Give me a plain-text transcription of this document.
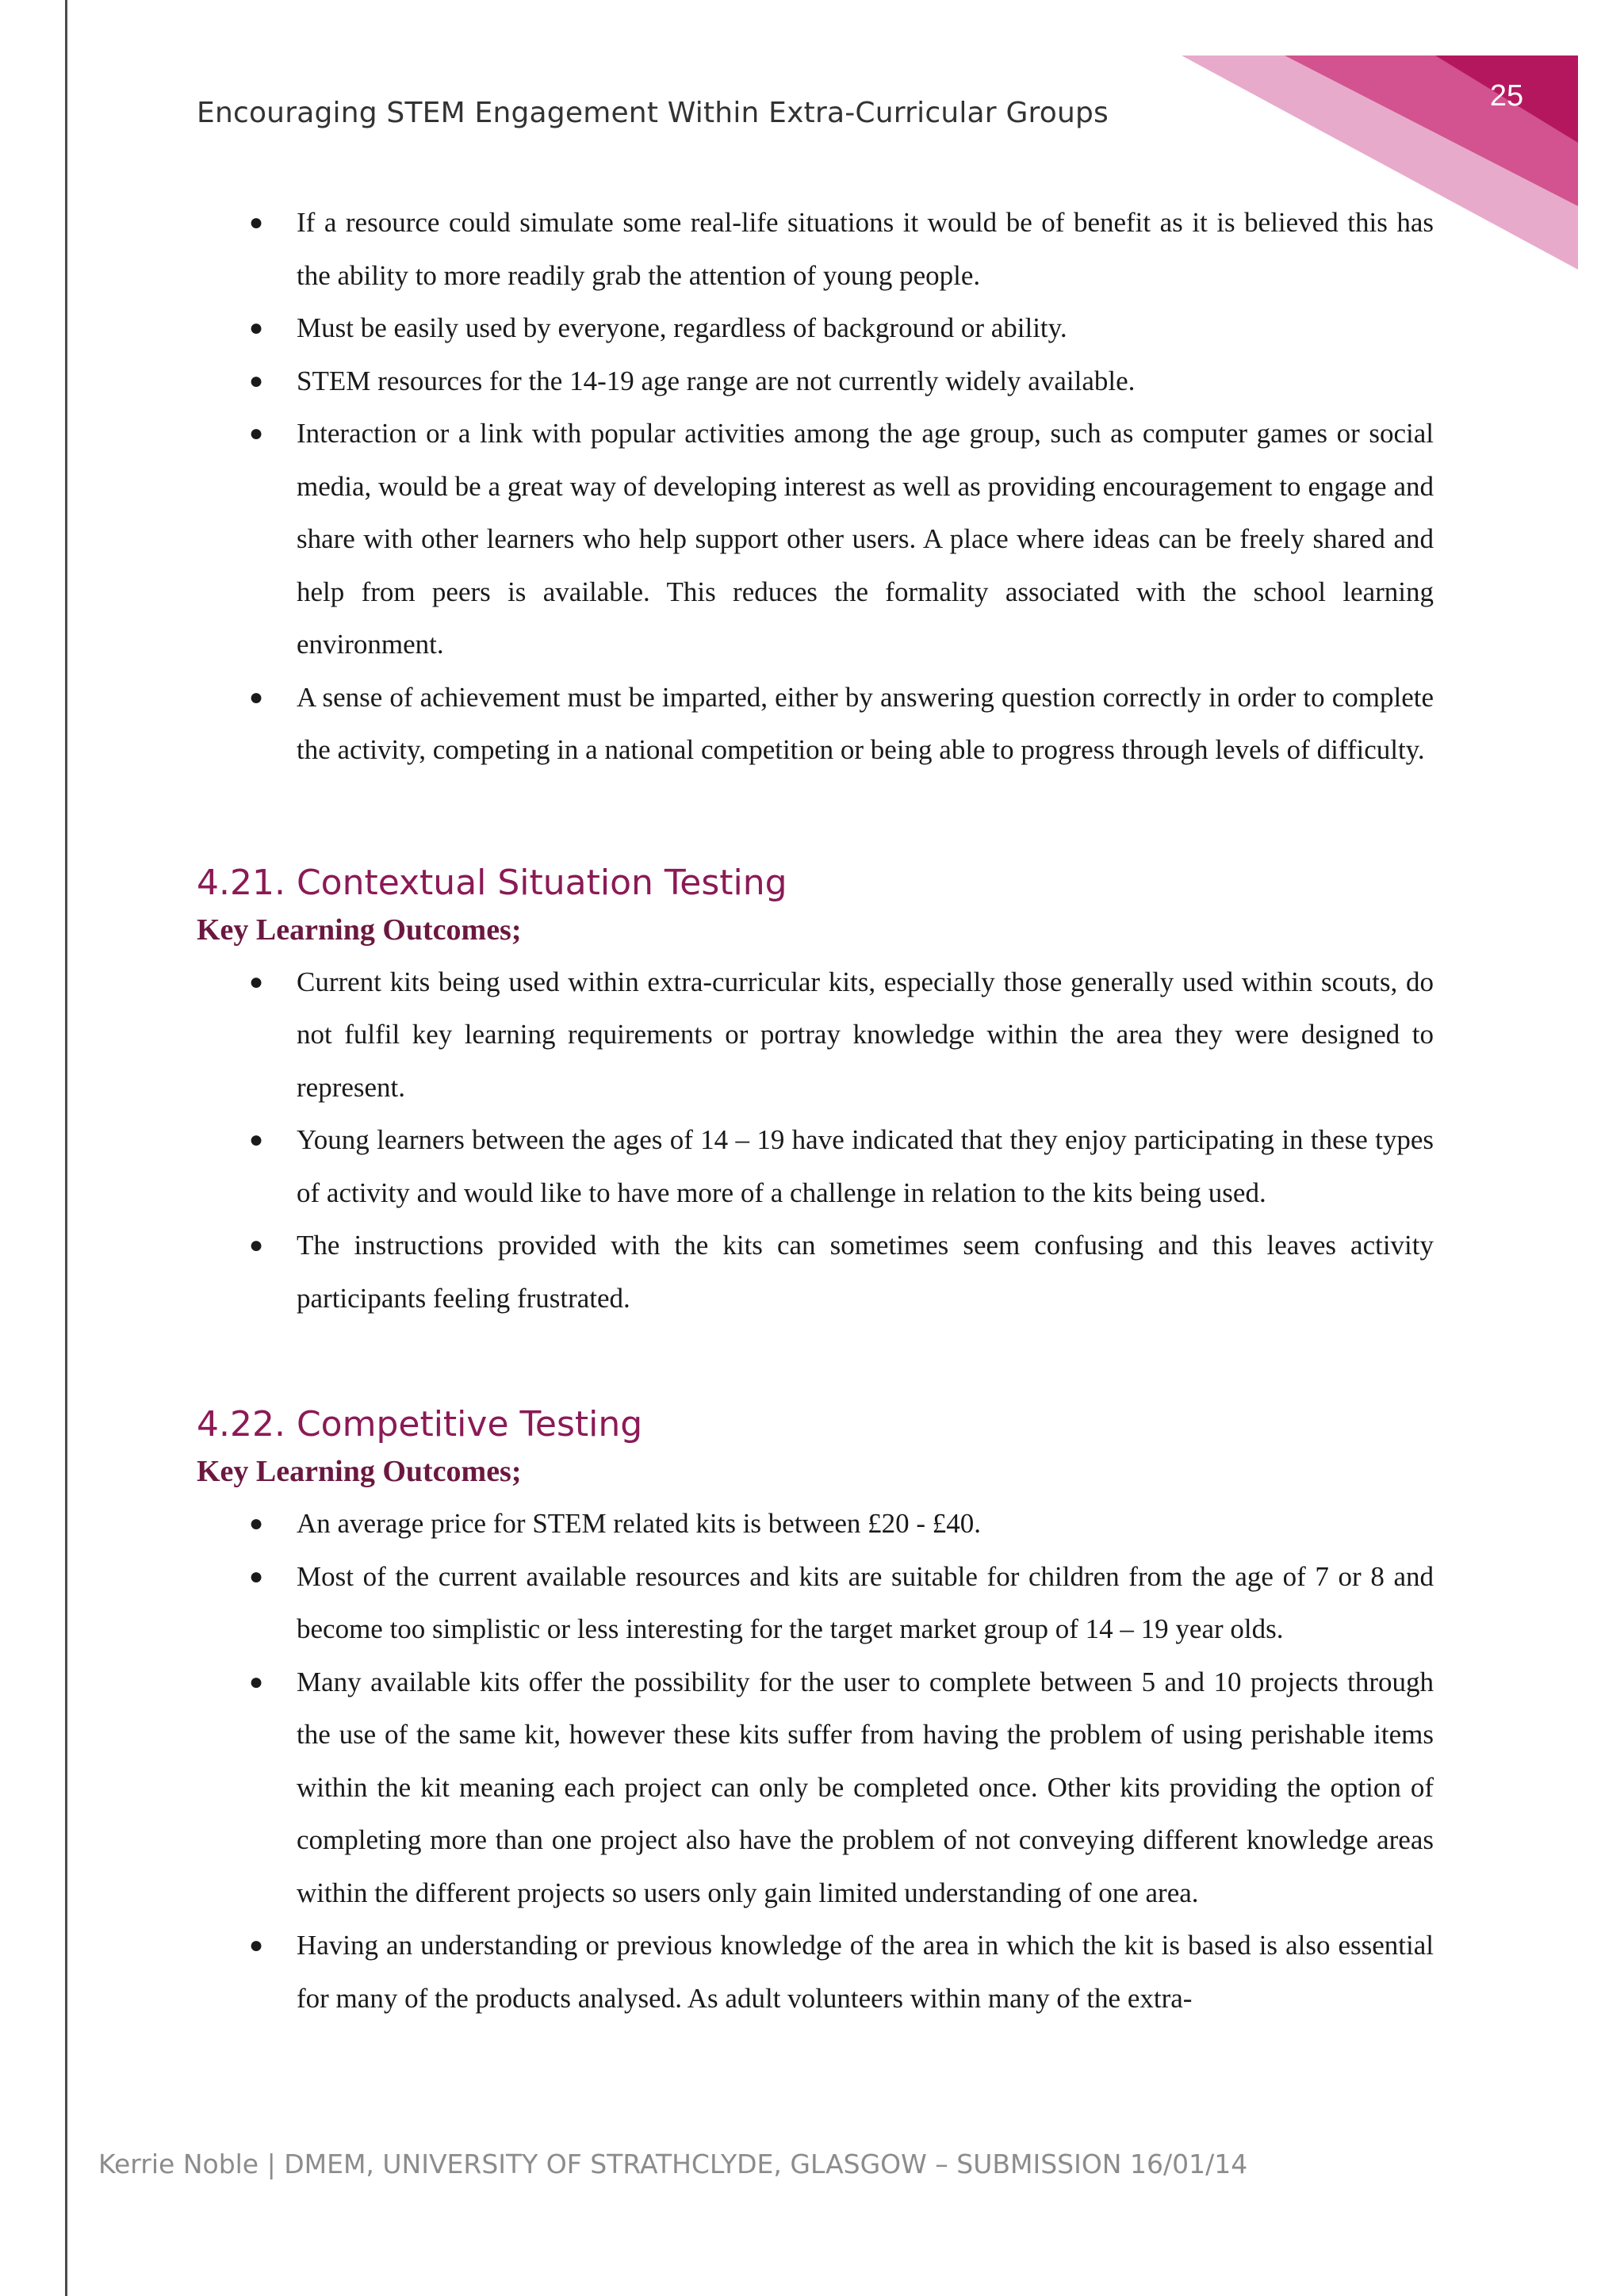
25
Encouraging STEM Engagement Within Extra-Curricular Groups
● If a resource could simulate some real-life situations it would be of benefit as it is believed this has the ability to more readily grab the attention of young people.
● Must be easily used by everyone, regardless of background or ability.
● STEM resources for the 14-19 age range are not currently widely available.
● Interaction or a link with popular activities among the age group, such as computer games or social media, would be a great way of developing interest as well as providing encouragement to engage and share with other learners who help support other users. A place where ideas can be freely shared and help from peers is available. This reduces the formality associated with the school learning environment.
● A sense of achievement must be imparted, either by answering question correctly in order to complete the activity, competing in a national competition or being able to progress through levels of difficulty.
4.21. Contextual Situation Testing
Key Learning Outcomes;
● Current kits being used within extra-curricular kits, especially those generally used within scouts, do not fulfil key learning requirements or portray knowledge within the area they were designed to represent.
● Young learners between the ages of 14 – 19 have indicated that they enjoy participating in these types of activity and would like to have more of a challenge in relation to the kits being used.
● The instructions provided with the kits can sometimes seem confusing and this leaves activity participants feeling frustrated.
4.22. Competitive Testing
Key Learning Outcomes;
● An average price for STEM related kits is between £20 - £40.
● Most of the current available resources and kits are suitable for children from the age of 7 or 8 and become too simplistic or less interesting for the target market group of 14 – 19 year olds.
● Many available kits offer the possibility for the user to complete between 5 and 10 projects through the use of the same kit, however these kits suffer from having the problem of using perishable items within the kit meaning each project can only be completed once. Other kits providing the option of completing more than one project also have the problem of not conveying different knowledge areas within the different projects so users only gain limited understanding of one area.
● Having an understanding or previous knowledge of the area in which the kit is based is also essential for many of the products analysed. As adult volunteers within many of the extra-
Kerrie Noble | DMEM, UNIVERSITY OF STRATHCLYDE, GLASGOW – SUBMISSION 16/01/14
